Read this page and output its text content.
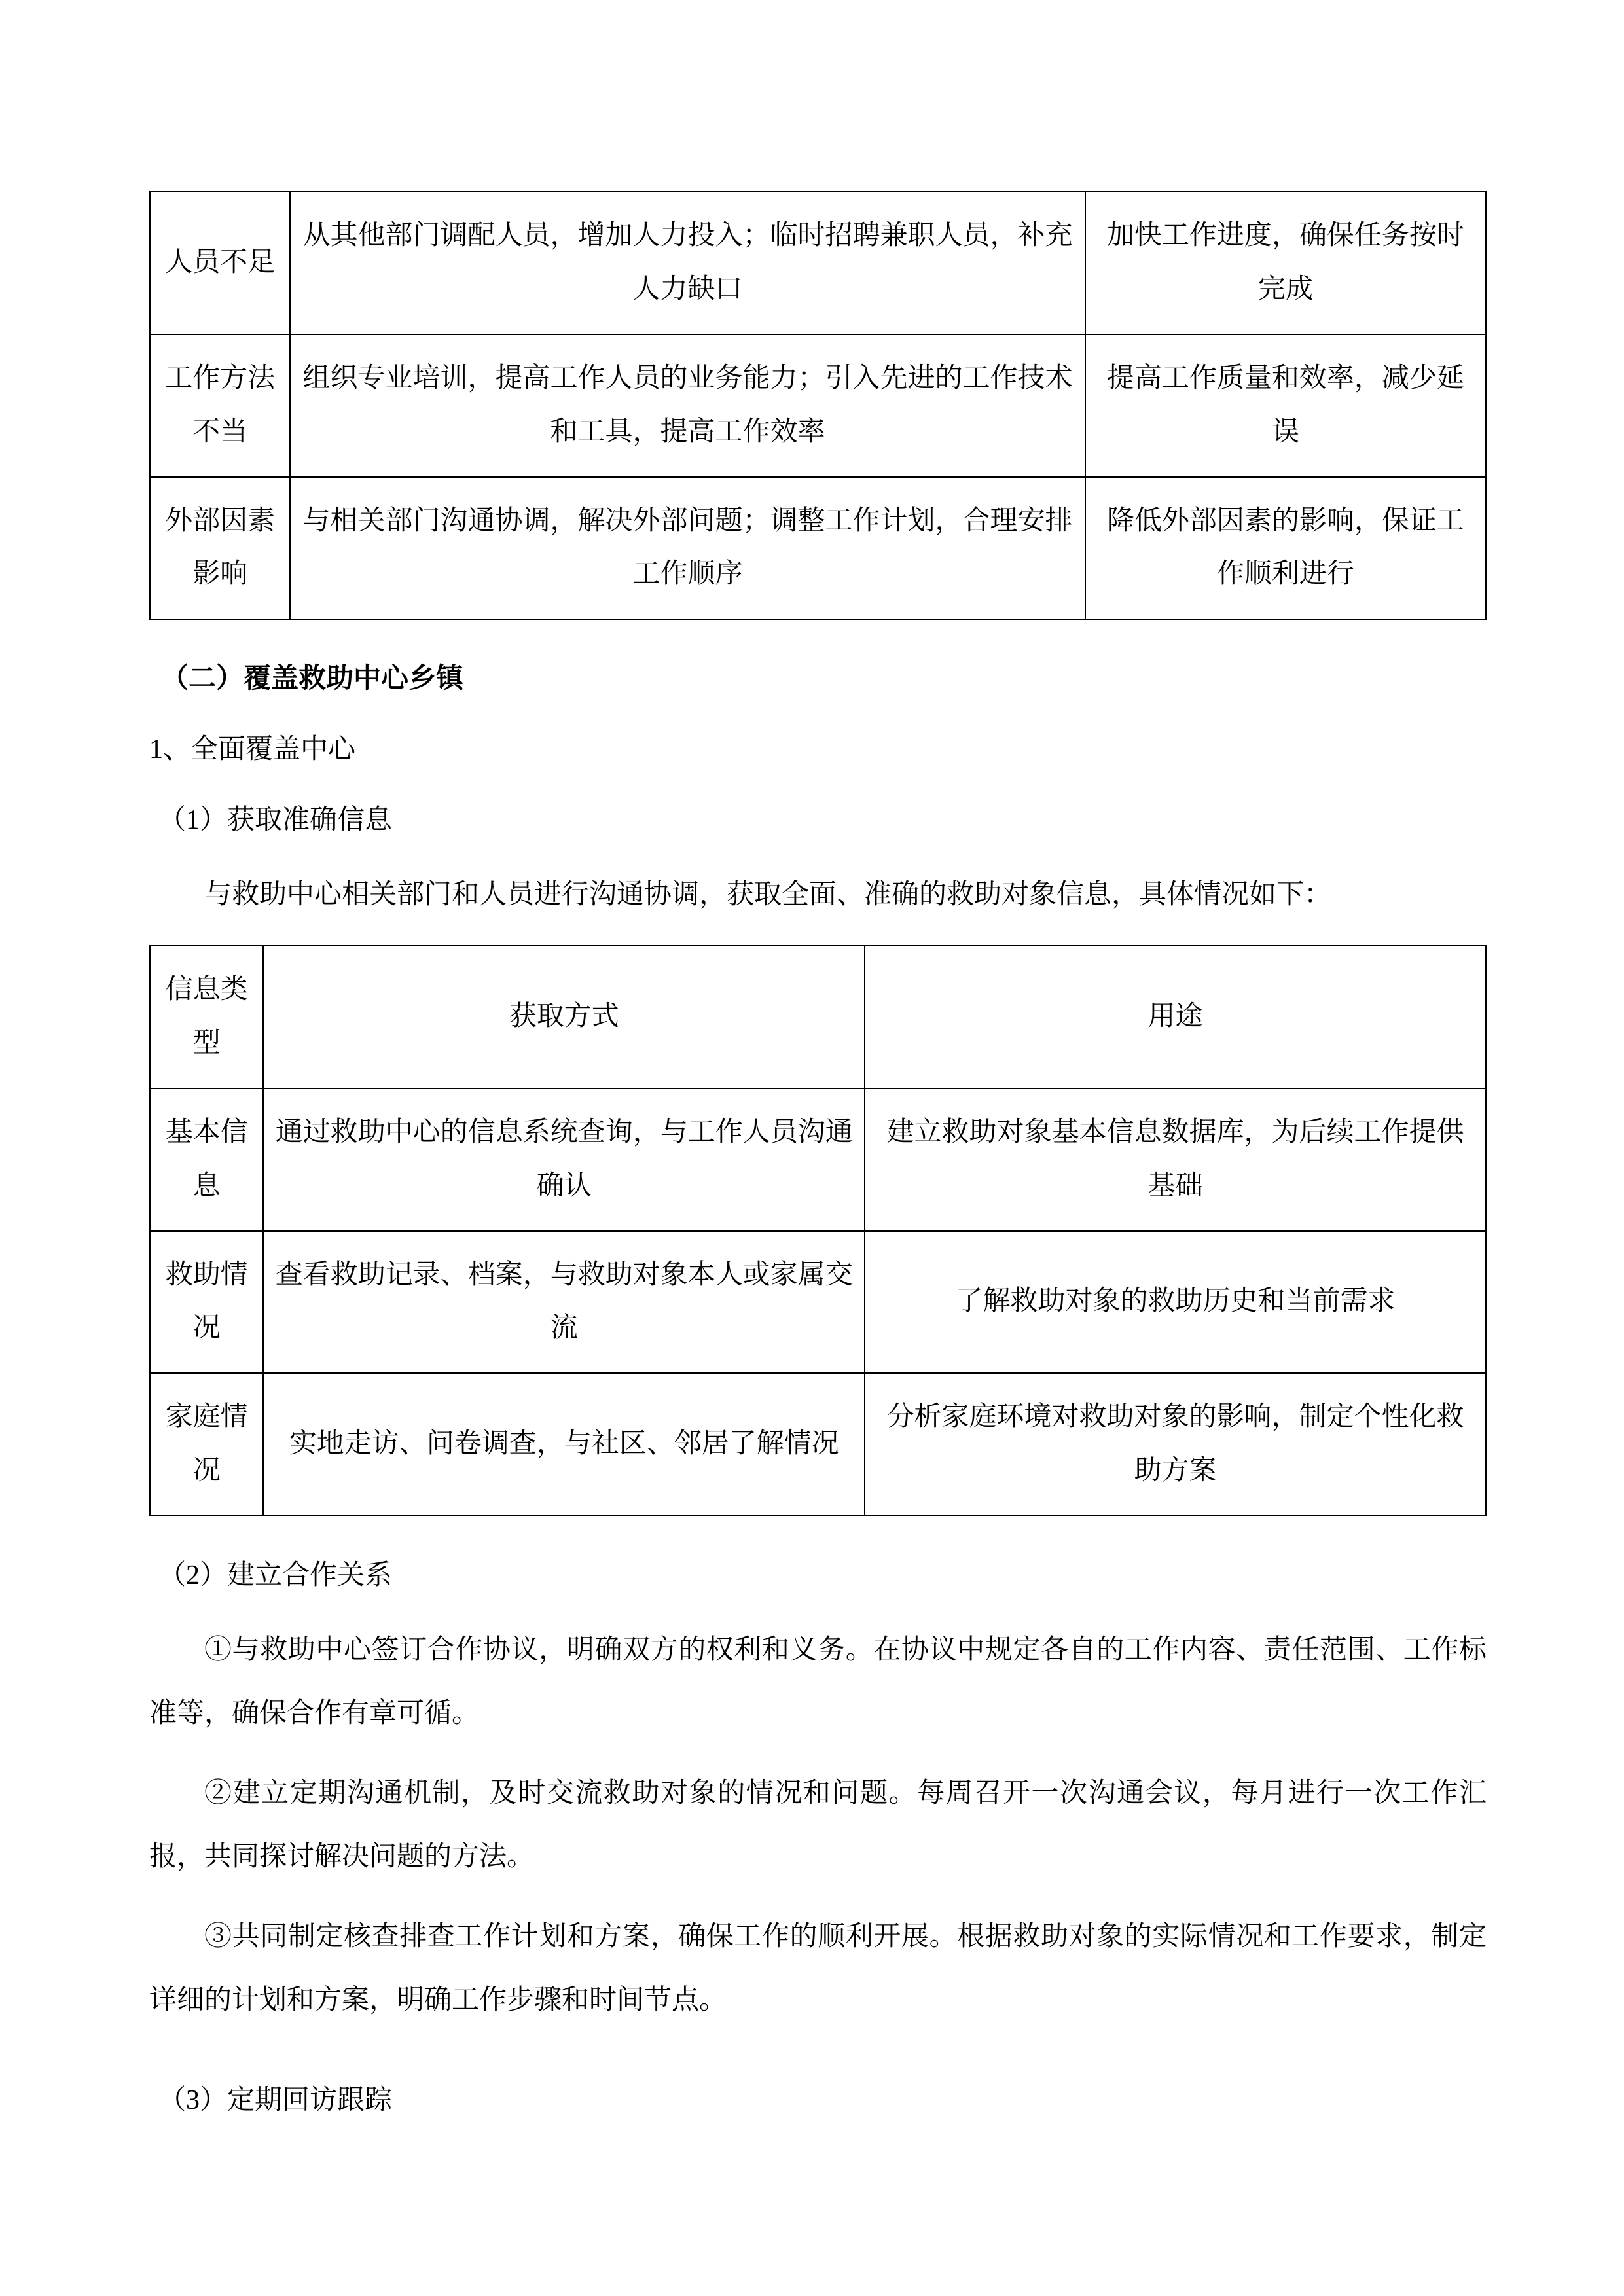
人员不足	从其他部门调配人员，增加人力投入；临时招聘兼职人员，补充人力缺口	加快工作进度，确保任务按时完成
工作方法不当	组织专业培训，提高工作人员的业务能力；引入先进的工作技术和工具，提高工作效率	提高工作质量和效率，减少延误
外部因素影响	与相关部门沟通协调，解决外部问题；调整工作计划，合理安排工作顺序	降低外部因素的影响，保证工作顺利进行
（二）覆盖救助中心乡镇
1、全面覆盖中心
（1）获取准确信息
与救助中心相关部门和人员进行沟通协调，获取全面、准确的救助对象信息，具体情况如下：
信息类型	获取方式	用途
基本信息	通过救助中心的信息系统查询，与工作人员沟通确认	建立救助对象基本信息数据库，为后续工作提供基础
救助情况	查看救助记录、档案，与救助对象本人或家属交流	了解救助对象的救助历史和当前需求
家庭情况	实地走访、问卷调查，与社区、邻居了解情况	分析家庭环境对救助对象的影响，制定个性化救助方案
（2）建立合作关系
①与救助中心签订合作协议，明确双方的权利和义务。在协议中规定各自的工作内容、责任范围、工作标准等，确保合作有章可循。
②建立定期沟通机制，及时交流救助对象的情况和问题。每周召开一次沟通会议，每月进行一次工作汇报，共同探讨解决问题的方法。
③共同制定核查排查工作计划和方案，确保工作的顺利开展。根据救助对象的实际情况和工作要求，制定详细的计划和方案，明确工作步骤和时间节点。
（3）定期回访跟踪
